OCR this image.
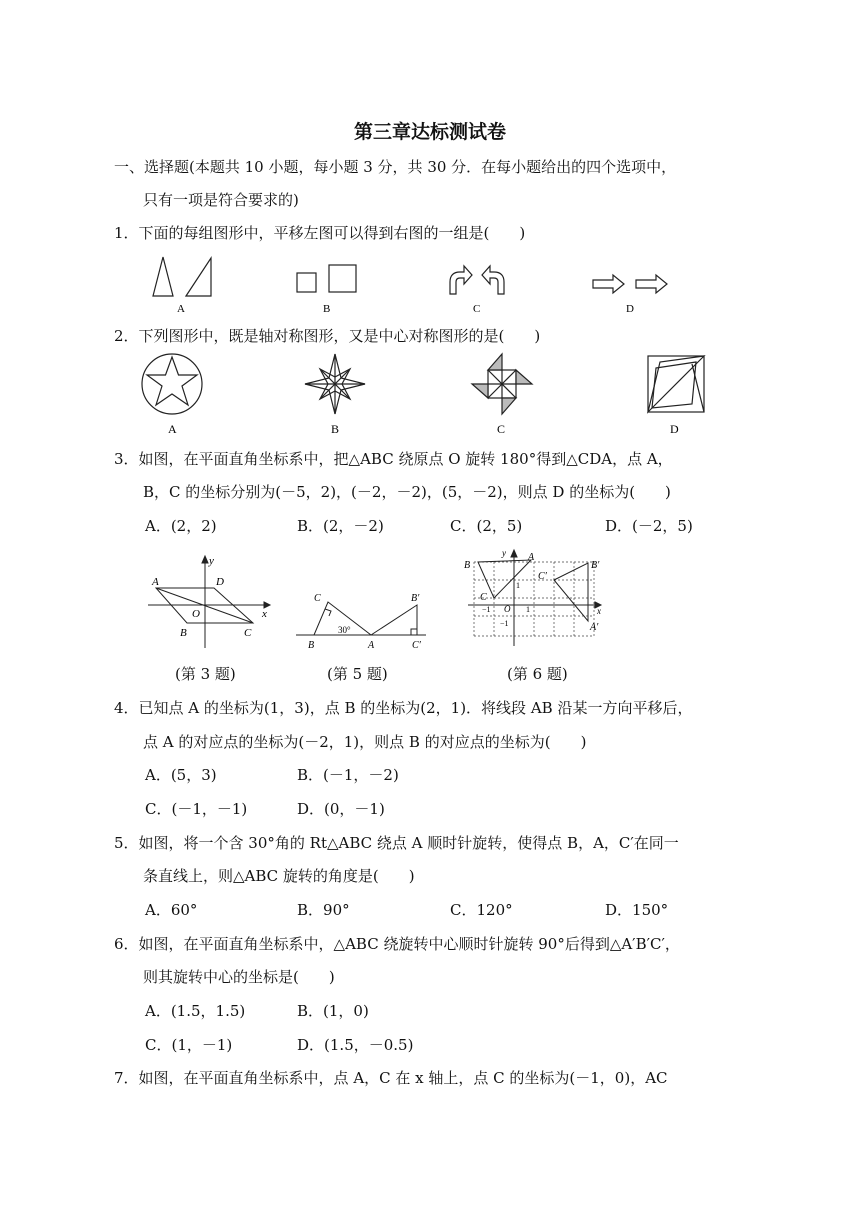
第三章达标测试卷
一、选择题(本题共 10 小题，每小题 3 分，共 30 分．在每小题给出的四个选项中，
只有一项是符合要求的)
1．下面的每组图形中，平移左图可以得到右图的一组是(　　)
A	B	C	D
2．下列图形中，既是轴对称图形，又是中心对称图形的是(　　)
A	B	C	D
3．如图，在平面直角坐标系中，把△ABC 绕原点 O 旋转 180°得到△CDA，点 A，
B，C 的坐标分别为(－5，2)，(－2，－2)，(5，－2)，则点 D 的坐标为(　　)
A．(2，2)	B．(2，－2)	C．(2，5)	D．(－2，5)
A	D
O
B	C
x
y
(第 3 题)
C	B′
30°
B	A	C′
(第 5 题)
y
B
A
C′
B′
C
1
−1 O 1	x
−1	A′
(第 6 题)
4．已知点 A 的坐标为(1，3)，点 B 的坐标为(2，1)．将线段 AB 沿某一方向平移后，
点 A 的对应点的坐标为(－2，1)，则点 B 的对应点的坐标为(　　)
A．(5，3)	B．(－1，－2)
C．(－1，－1)	D．(0，－1)
5．如图，将一个含 30°角的 Rt△ABC 绕点 A 顺时针旋转，使得点 B，A，C′在同一
条直线上，则△ABC 旋转的角度是(　　)
A．60°	B．90°	C．120°	D．150°
6．如图，在平面直角坐标系中，△ABC 绕旋转中心顺时针旋转 90°后得到△A′B′C′，
则其旋转中心的坐标是(　　)
A．(1.5，1.5)	B．(1，0)
C．(1，－1)	D．(1.5，－0.5)
7．如图，在平面直角坐标系中，点 A，C 在 x 轴上，点 C 的坐标为(－1，0)，AC
